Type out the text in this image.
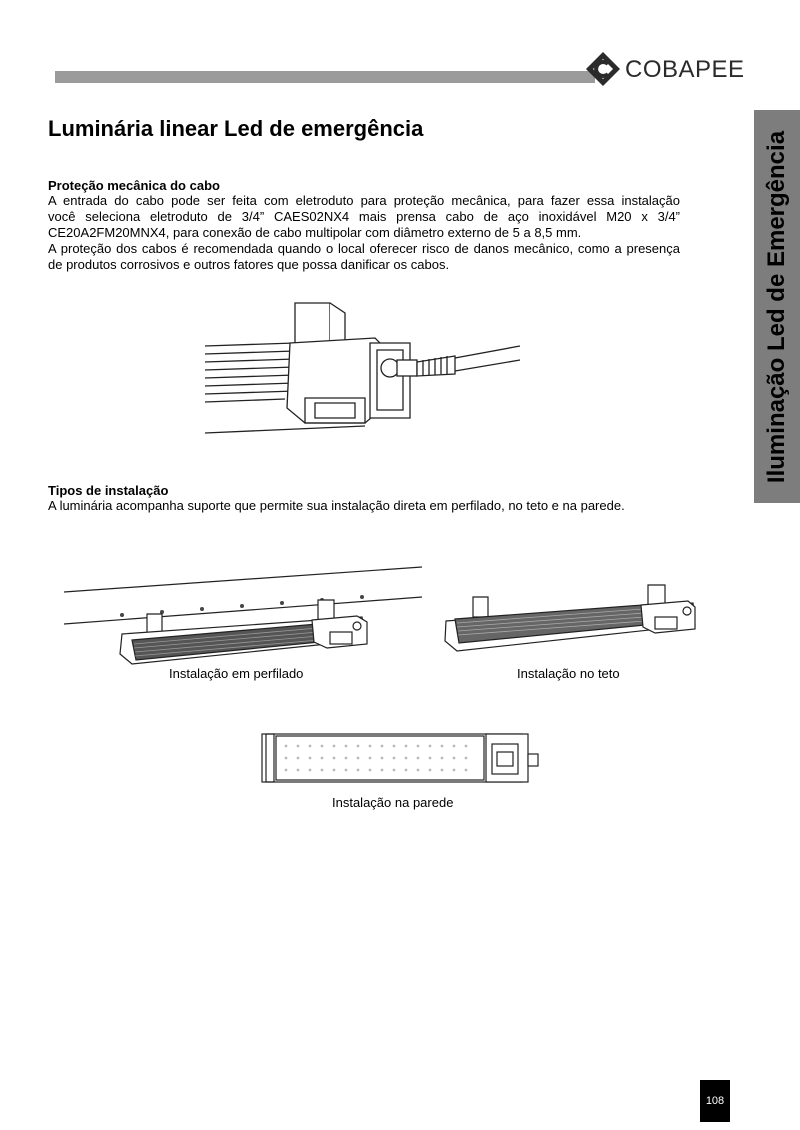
COBAPEE
Iluminação Led de Emergência
Luminária linear Led de emergência
Proteção mecânica do cabo

A entrada do cabo pode ser feita com eletroduto para proteção mecânica, para fazer essa instalação

você seleciona eletroduto de 3/4” CAES02NX4 mais prensa cabo de aço inoxidável M20 x 3/4”

CE20A2FM20MNX4, para conexão de cabo multipolar com diâmetro externo de 5 a 8,5 mm.

A proteção dos cabos é recomendada quando o local oferecer risco de danos mecânico, como a presença

de produtos corrosivos e outros fatores que possa danificar os cabos.

Tipos de instalação
A luminária acompanha suporte que permite sua instalação direta em perfilado, no teto e na parede.
Instalação em perfilado	Instalação no teto
Instalação na parede
108
